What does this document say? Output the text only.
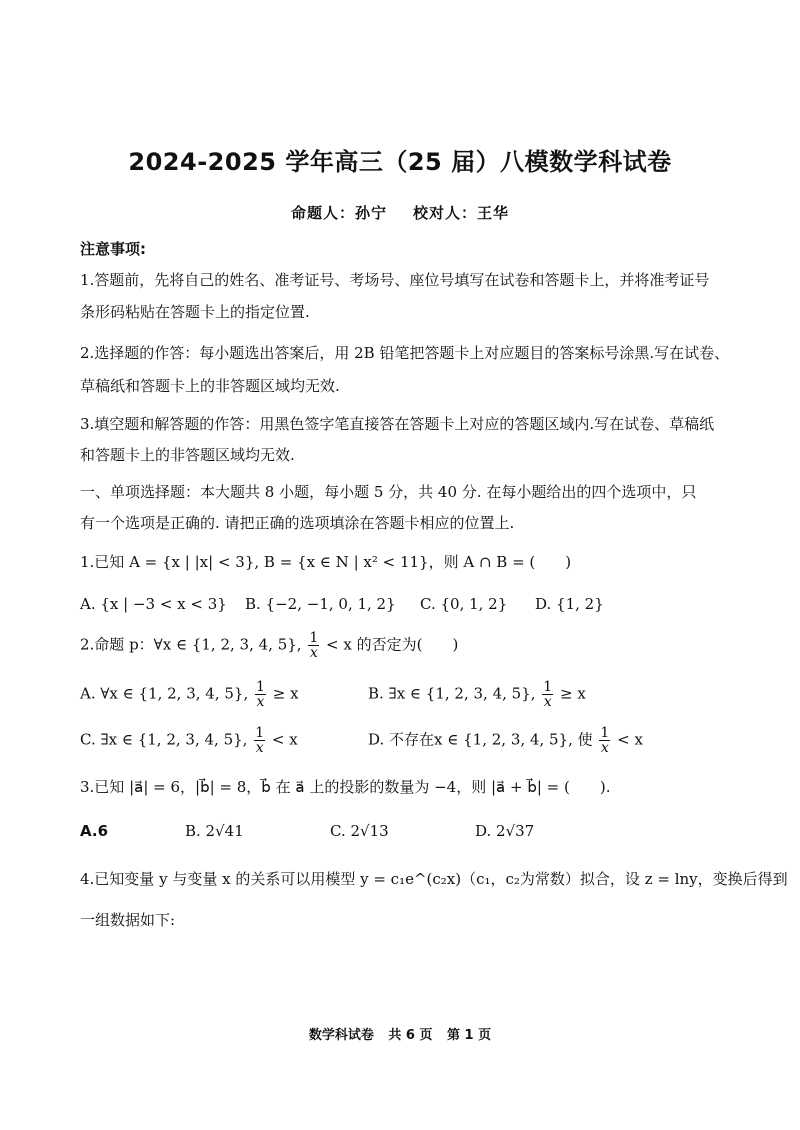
2024-2025 学年高三（25 届）八模数学科试卷
命题人：孙宁 校对人：王华
注意事项:
1.答题前，先将自己的姓名、准考证号、考场号、座位号填写在试卷和答题卡上，并将准考证号
条形码粘贴在答题卡上的指定位置.
2.选择题的作答：每小题选出答案后，用 2B 铅笔把答题卡上对应题目的答案标号涂黑.写在试卷、
草稿纸和答题卡上的非答题区域均无效.
3.填空题和解答题的作答：用黑色签字笔直接答在答题卡上对应的答题区域内.写在试卷、草稿纸
和答题卡上的非答题区域均无效.
一、单项选择题：本大题共 8 小题，每小题 5 分，共 40 分. 在每小题给出的四个选项中，只
有一个选项是正确的. 请把正确的选项填涂在答题卡相应的位置上.
1.已知 A = {x | |x| < 3}, B = {x ∈ N | x² < 11}，则 A ∩ B = (　　)
A. {x | −3 < x < 3} B. {−2, −1, 0, 1, 2} C. {0, 1, 2} D. {1, 2}
2.命题 p：∀x ∈ {1, 2, 3, 4, 5}, $\frac{1}{x} < x$ 的否定为(　　)
A. ∀x ∈ {1, 2, 3, 4, 5}, $\frac{1}{x} \ge x$	B. ∃x ∈ {1, 2, 3, 4, 5}, $\frac{1}{x} \ge x$
C. ∃x ∈ {1, 2, 3, 4, 5}, $\frac{1}{x} < x$	D. 不存在x ∈ {1, 2, 3, 4, 5}, 使 $\frac{1}{x} < x$
3.已知 |a⃗| = 6，|b⃗| = 8，b⃗ 在 a⃗ 上的投影的数量为 −4，则 |a⃗ + b⃗| = (　　).
A.6	B. 2√41	C. 2√13	D. 2√37
4.已知变量 y 与变量 x 的关系可以用模型 y = c₁e^(c₂x)（c₁，c₂为常数）拟合，设 z = lny，变换后得到
一组数据如下:
数学科试卷 共 6 页 第 1 页
